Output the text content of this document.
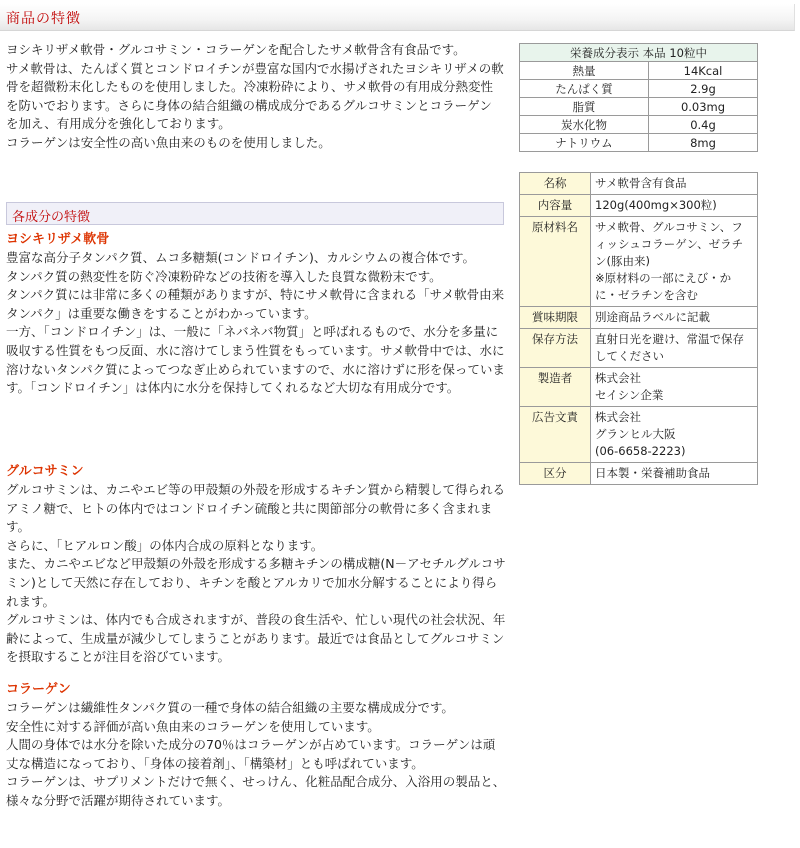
商品の特徴

ヨシキリザメ軟骨・グルコサミン・コラーゲンを配合したサメ軟骨含有食品です。

サメ軟骨は、たんぱく質とコンドロイチンが豊富な国内で水揚げされたヨシキリザメの軟骨を超微粉末化したものを使用しました。冷凍粉砕により、サメ軟骨の有用成分熱変性を防いでおります。さらに身体の結合組織の構成成分であるグルコサミンとコラーゲンを加え、有用成分を強化しております。

コラーゲンは安全性の高い魚由来のものを使用しました。

各成分の特徴
ヨシキリザメ軟骨

豊富な高分子タンパク質、ムコ多糖類(コンドロイチン)、カルシウムの複合体です。

タンパク質の熱変性を防ぐ冷凍粉砕などの技術を導入した良質な微粉末です。

タンパク質には非常に多くの種類がありますが、特にサメ軟骨に含まれる「サメ軟骨由来タンパク」は重要な働きをすることがわかっています。

一方、「コンドロイチン」は、一般に「ネバネバ物質」と呼ばれるもので、水分を多量に吸収する性質をもつ反面、水に溶けてしまう性質をもっています。サメ軟骨中では、水に溶けないタンパク質によってつなぎ止められていますので、水に溶けずに形を保っています。「コンドロイチン」は体内に水分を保持してくれるなど大切な有用成分です。

グルコサミン

グルコサミンは、カニやエビ等の甲殻類の外殻を形成するキチン質から精製して得られるアミノ糖で、ヒトの体内ではコンドロイチン硫酸と共に関節部分の軟骨に多く含まれます。

さらに、「ヒアルロン酸」の体内合成の原料となります。

また、カニやエビなど甲殻類の外殻を形成する多糖キチンの構成糖(N－アセチルグルコサミン)として天然に存在しており、キチンを酸とアルカリで加水分解することにより得られます。

グルコサミンは、体内でも合成されますが、普段の食生活や、忙しい現代の社会状況、年齢によって、生成量が減少してしまうことがあります。最近では食品としてグルコサミンを摂取することが注目を浴びています。

コラーゲン

コラーゲンは繊維性タンパク質の一種で身体の結合組織の主要な構成成分です。

安全性に対する評価が高い魚由来のコラーゲンを使用しています。

人間の身体では水分を除いた成分の70％はコラーゲンが占めています。コラーゲンは頑丈な構造になっており、「身体の接着剤」、「構築材」とも呼ばれています。

コラーゲンは、サプリメントだけで無く、せっけん、化粧品配合成分、入浴用の製品と、様々な分野で活躍が期待されています。

栄養成分表示 本品 10粒中	
熱量	14Kcal
たんぱく質	2.9g
脂質	0.03mg
炭水化物	0.4g
ナトリウム	8mg
名称	サメ軟骨含有食品

内容量	120g(400mg×300粒)

原材料名	サメ軟骨、グルコサミン、フィッシュコラーゲン、ゼラチン(豚由来)
※原材料の一部にえび・かに・ゼラチンを含む

賞味期限	別途商品ラベルに記載

保存方法	直射日光を避け、常温で保存してください

製造者	株式会社
セイシン企業

広告文責	株式会社
グランヒル大阪
(06-6658-2223)

区分	日本製・栄養補助食品
